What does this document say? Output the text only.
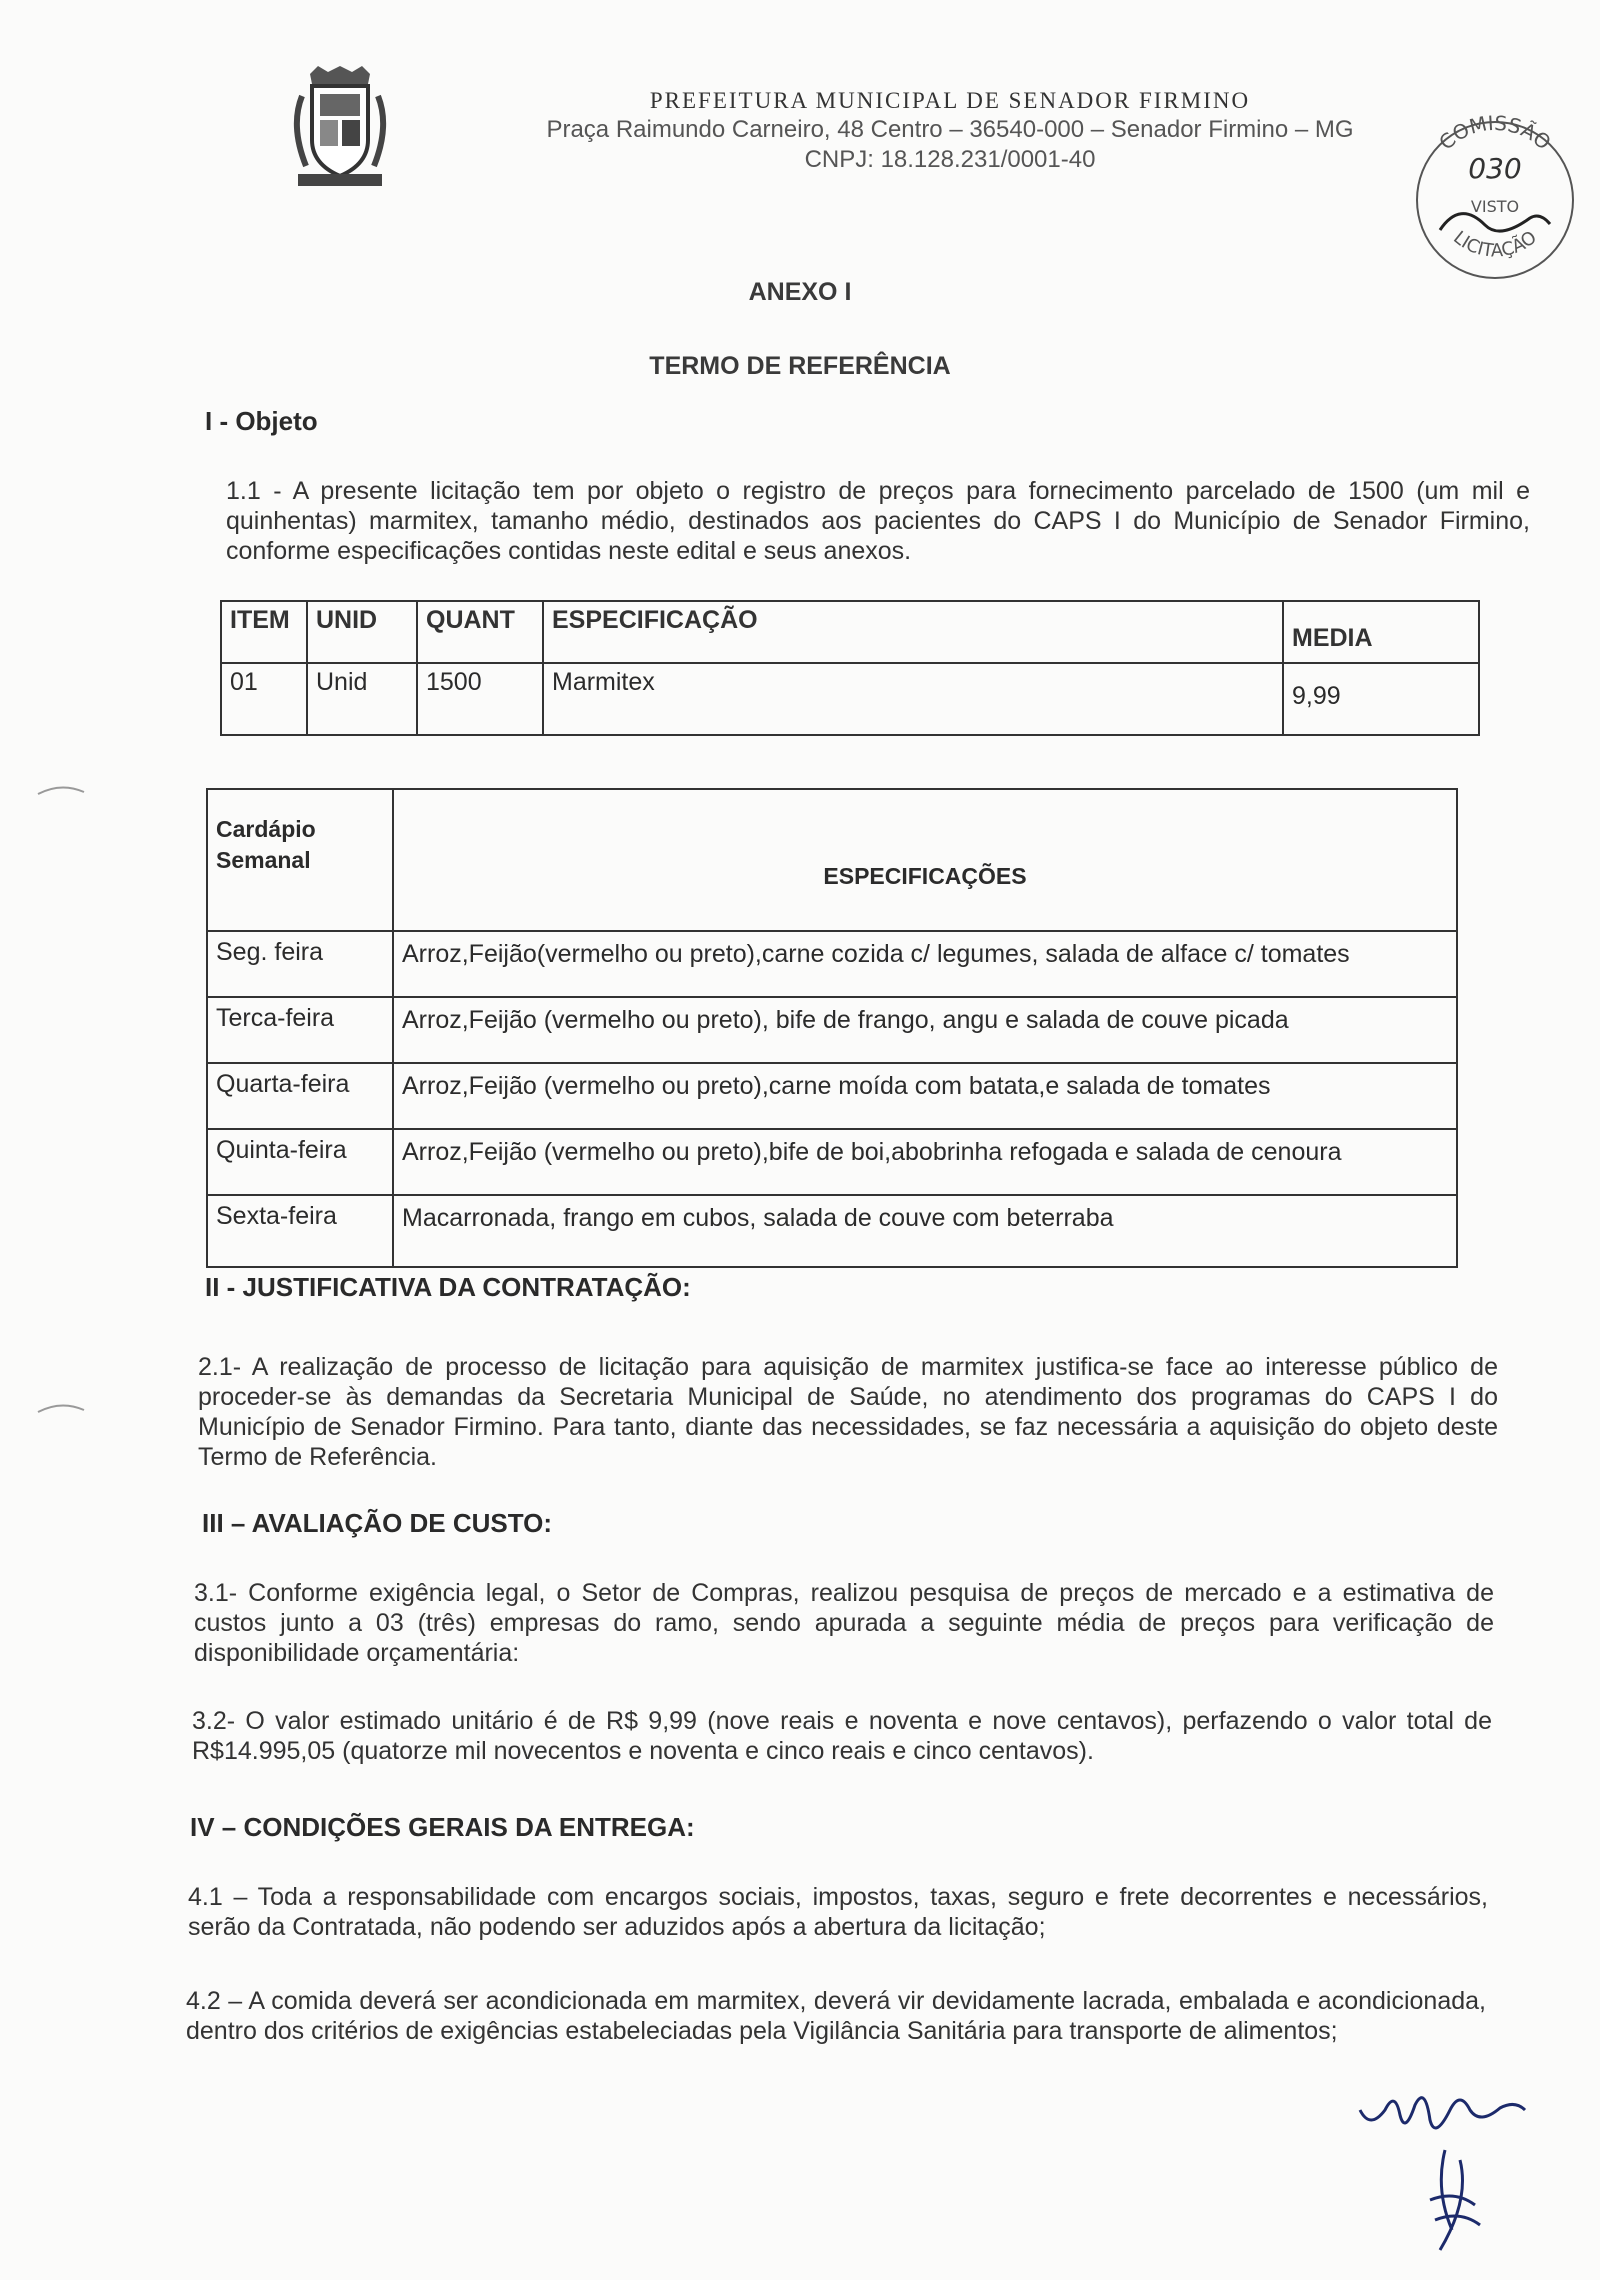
PREFEITURA MUNICIPAL DE SENADOR FIRMINO
Praça Raimundo Carneiro, 48 Centro – 36540-000 – Senador Firmino – MG
CNPJ: 18.128.231/0001-40
COMISSÃO
030
VISTO
LICITAÇÃO
ANEXO I
TERMO DE REFERÊNCIA
I - Objeto
1.1 - A presente licitação tem por objeto o registro de preços para fornecimento parcelado de 1500 (um mil e quinhentas) marmitex, tamanho médio, destinados aos pacientes do CAPS I do Município de Senador Firmino, conforme especificações contidas neste edital e seus anexos.
ITEM	UNID	QUANT	ESPECIFICAÇÃO	MEDIA
01	Unid	1500	Marmitex	9,99
Cardápio Semanal	ESPECIFICAÇÕES
Seg. feira	Arroz,Feijão(vermelho ou preto),carne cozida c/ legumes, salada de alface c/ tomates
Terca-feira	Arroz,Feijão (vermelho ou preto), bife de frango, angu e salada de couve picada
Quarta-feira	Arroz,Feijão (vermelho ou preto),carne moída com batata,e salada de tomates
Quinta-feira	Arroz,Feijão (vermelho ou preto),bife de boi,abobrinha refogada e salada de cenoura
Sexta-feira	Macarronada, frango em cubos, salada de couve com beterraba
II - JUSTIFICATIVA DA CONTRATAÇÃO:
2.1- A realização de processo de licitação para aquisição de marmitex justifica-se face ao interesse público de proceder-se às demandas da Secretaria Municipal de Saúde, no atendimento dos programas do CAPS I do Município de Senador Firmino. Para tanto, diante das necessidades, se faz necessária a aquisição do objeto deste Termo de Referência.
III – AVALIAÇÃO DE CUSTO:
3.1- Conforme exigência legal, o Setor de Compras, realizou pesquisa de preços de mercado e a estimativa de custos junto a 03 (três) empresas do ramo, sendo apurada a seguinte média de preços para verificação de disponibilidade orçamentária:
3.2- O valor estimado unitário é de R$ 9,99 (nove reais e noventa e nove centavos), perfazendo o valor total de R$14.995,05 (quatorze mil novecentos e noventa e cinco reais e cinco centavos).
IV – CONDIÇÕES GERAIS DA ENTREGA:
4.1 – Toda a responsabilidade com encargos sociais, impostos, taxas, seguro e frete decorrentes e necessários, serão da Contratada, não podendo ser aduzidos após a abertura da licitação;
4.2 – A comida deverá ser acondicionada em marmitex, deverá vir devidamente lacrada, embalada e acondicionada, dentro dos critérios de exigências estabeleciadas pela Vigilância Sanitária para transporte de alimentos;
